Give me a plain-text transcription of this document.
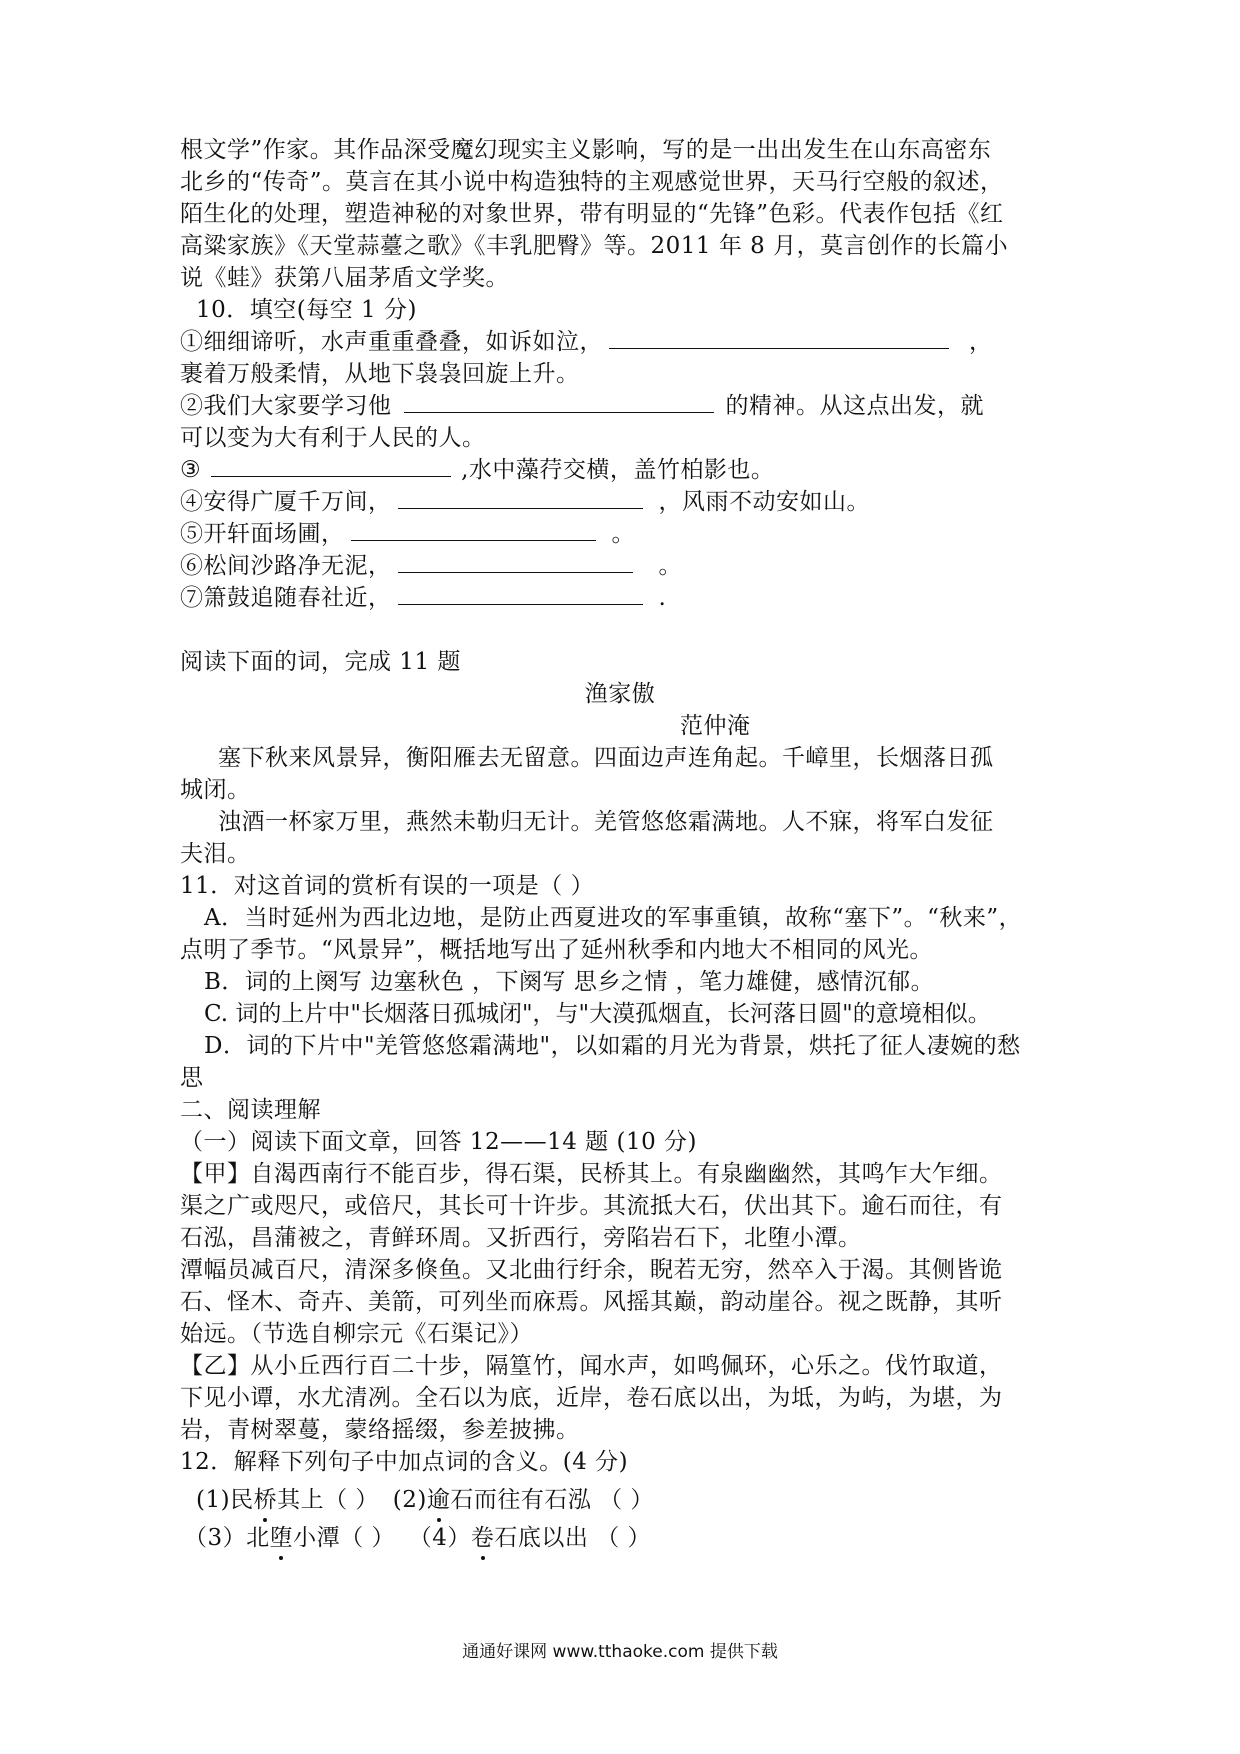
根文学”作家。其作品深受魔幻现实主义影响，写的是一出出发生在山东高密东
北乡的“传奇”。莫言在其小说中构造独特的主观感觉世界，天马行空般的叙述，
陌生化的处理，塑造神秘的对象世界，带有明显的“先锋”色彩。代表作包括《红
高粱家族》《天堂蒜薹之歌》《丰乳肥臀》等。2011 年 8 月，莫言创作的长篇小
说《蛙》获第八届茅盾文学奖。
10．填空(每空 1 分)
①细细谛听，水声重重叠叠，如诉如泣，	，
裹着万般柔情，从地下袅袅回旋上升。
②我们大家要学习他	的精神。从这点出发，就
可以变为大有利于人民的人。
③	,水中藻荇交横，盖竹柏影也。
④安得广厦千万间，	，风雨不动安如山。
⑤开轩面场圃，	。
⑥松间沙路净无泥，	。
⑦箫鼓追随春社近，	.
阅读下面的词，完成 11 题
渔家傲
范仲淹
塞下秋来风景异，衡阳雁去无留意。四面边声连角起。千嶂里，长烟落日孤
城闭。
浊酒一杯家万里，燕然未勒归无计。羌管悠悠霜满地。人不寐，将军白发征
夫泪。
11．对这首词的赏析有误的一项是（ ）
A．当时延州为西北边地，是防止西夏进攻的军事重镇，故称“塞下”。“秋来”，
点明了季节。“风景异”，概括地写出了延州秋季和内地大不相同的风光。
B．词的上阕写 边塞秋色 ，下阕写 思乡之情 ，笔力雄健，感情沉郁。
C. 词的上片中"长烟落日孤城闭"，与"大漠孤烟直，长河落日圆"的意境相似。
D．词的下片中"羌管悠悠霜满地"，以如霜的月光为背景，烘托了征人凄婉的愁
思
二、阅读理解
（一）阅读下面文章，回答 12——14 题 (10 分)
【甲】自渴西南行不能百步，得石渠，民桥其上。有泉幽幽然，其鸣乍大乍细。
渠之广或咫尺，或倍尺，其长可十许步。其流抵大石，伏出其下。逾石而往，有
石泓，昌蒲被之，青鲜环周。又折西行，旁陷岩石下，北堕小潭。
潭幅员减百尺，清深多倏鱼。又北曲行纡余，睨若无穷，然卒入于渴。其侧皆诡
石、怪木、奇卉、美箭，可列坐而庥焉。风摇其巅，韵动崖谷。视之既静，其听
始远。（节选自柳宗元《石渠记》）
【乙】从小丘西行百二十步，隔篁竹，闻水声，如鸣佩环，心乐之。伐竹取道，
下见小谭，水尤清冽。全石以为底，近岸，卷石底以出，为坻，为屿，为堪，为
岩，青树翠蔓，蒙络摇缀，参差披拂。
12．解释下列句子中加点词的含义。(4 分)
(1)民桥其上（ ） (2)逾石而往有石泓 （ ）
（3）北堕小潭（ ） （4）卷石底以出 （ ）
通通好课网 www.tthaoke.com 提供下载
